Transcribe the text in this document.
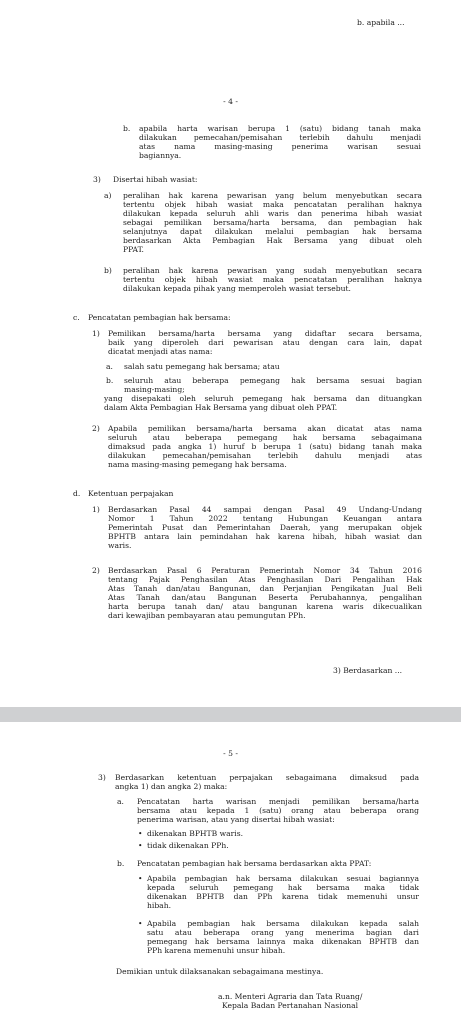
b. apabila ...
- 4 -
b. apabila harta warisan berupa 1 (satu) bidang tanah maka
dilakukan pemecahan/pemisahan terlebih dahulu menjadi
atas nama masing-masing penerima warisan sesuai
bagiannya.
3) Disertai hibah wasiat:
a) peralihan hak karena pewarisan yang belum menyebutkan secara
tertentu objek hibah wasiat maka pencatatan peralihan haknya
dilakukan kepada seluruh ahli waris dan penerima hibah wasiat
sebagai pemilikan bersama/harta bersama, dan pembagian hak
selanjutnya dapat dilakukan melalui pembagian hak bersama
berdasarkan Akta Pembagian Hak Bersama yang dibuat oleh
PPAT.
b) peralihan hak karena pewarisan yang sudah menyebutkan secara
tertentu objek hibah wasiat maka pencatatan peralihan haknya
dilakukan kepada pihak yang memperoleh wasiat tersebut.
c. Pencatatan pembagian hak bersama:
1) Pemilikan bersama/harta bersama yang didaftar secara bersama,
baik yang diperoleh dari pewarisan atau dengan cara lain, dapat
dicatat menjadi atas nama:
a. salah satu pemegang hak bersama; atau
b. seluruh atau beberapa pemegang hak bersama sesuai bagian
masing-masing;
yang disepakati oleh seluruh pemegang hak bersama dan dituangkan
dalam Akta Pembagian Hak Bersama yang dibuat oleh PPAT.
2) Apabila pemilikan bersama/harta bersama akan dicatat atas nama
seluruh atau beberapa pemegang hak bersama sebagaimana
dimaksud pada angka 1) huruf b berupa 1 (satu) bidang tanah maka
dilakukan pemecahan/pemisahan terlebih dahulu menjadi atas
nama masing-masing pemegang hak bersama.
d. Ketentuan perpajakan
1) Berdasarkan Pasal 44 sampai dengan Pasal 49 Undang-Undang
Nomor 1 Tahun 2022 tentang Hubungan Keuangan antara
Pemerintah Pusat dan Pemerintahan Daerah, yang merupakan objek
BPHTB antara lain pemindahan hak karena hibah, hibah wasiat dan
waris.
2) Berdasarkan Pasal 6 Peraturan Pemerintah Nomor 34 Tahun 2016
tentang Pajak Penghasilan Atas Penghasilan Dari Pengalihan Hak
Atas Tanah dan/atau Bangunan, dan Perjanjian Pengikatan Jual Beli
Atas Tanah dan/atau Bangunan Beserta Perubahannya, pengalihan
harta berupa tanah dan/ atau bangunan karena waris dikecualikan
dari kewajiban pembayaran atau pemungutan PPh.
3) Berdasarkan ...
- 5 -
3) Berdasarkan ketentuan perpajakan sebagaimana dimaksud pada
angka 1) dan angka 2) maka:
a. Pencatatan harta warisan menjadi pemilikan bersama/harta
bersama atau kepada 1 (satu) orang atau beberapa orang
penerima warisan, atau yang disertai hibah wasiat:
• dikenakan BPHTB waris.
• tidak dikenakan PPh.
b. Pencatatan pembagian hak bersama berdasarkan akta PPAT:
• Apabila pembagian hak bersama dilakukan sesuai bagiannya
kepada seluruh pemegang hak bersama maka tidak
dikenakan BPHTB dan PPh karena tidak memenuhi unsur
hibah.
• Apabila pembagian hak bersama dilakukan kepada salah
satu atau beberapa orang yang menerima bagian dari
pemegang hak bersama lainnya maka dikenakan BPHTB dan
PPh karena memenuhi unsur hibah.
Demikian untuk dilaksanakan sebagaimana mestinya.
a.n. Menteri Agraria dan Tata Ruang/
Kepala Badan Pertanahan Nasional
